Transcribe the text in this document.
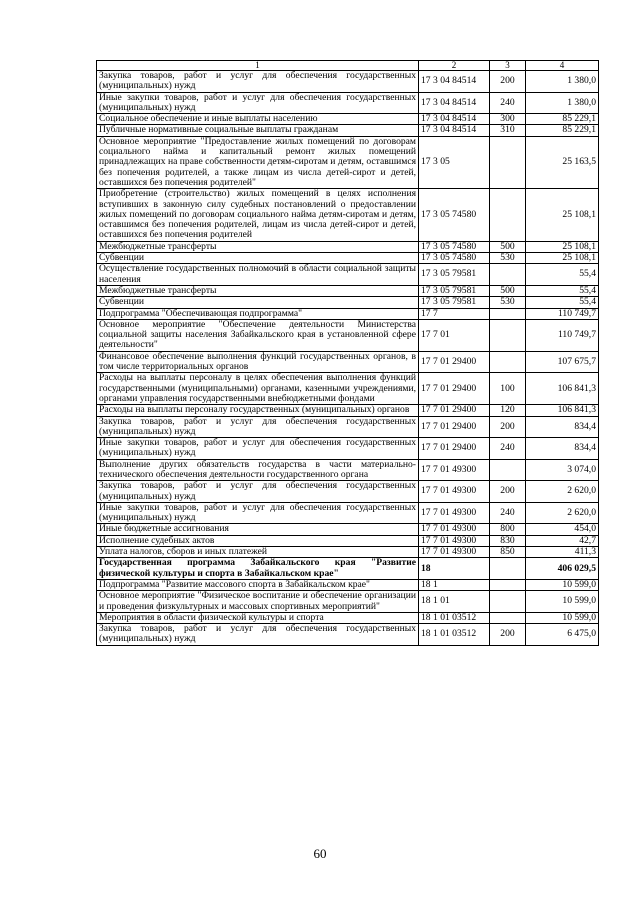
1	2	3	4
Закупка товаров, работ и услуг для обеспечения государственных (муниципальных) нужд	17 3 04 84514	200	1 380,0
Иные закупки товаров, работ и услуг для обеспечения государственных (муниципальных) нужд	17 3 04 84514	240	1 380,0
Социальное обеспечение и иные выплаты населению	17 3 04 84514	300	85 229,1
Публичные нормативные социальные выплаты гражданам	17 3 04 84514	310	85 229,1
Основное мероприятие "Предоставление жилых помещений по договорам социального найма и капитальный ремонт жилых помещений принадлежащих на праве собственности детям-сиротам и детям, оставшимся без попечения родителей, а также лицам из числа детей-сирот и детей, оставшихся без попечения родителей"	17 3 05		25 163,5
Приобретение (строительство) жилых помещений в целях исполнения вступивших в законную силу судебных постановлений о предоставлении жилых помещений по договорам социального найма детям-сиротам и детям, оставшимся без попечения родителей, лицам из числа детей-сирот и детей, оставшихся без попечения родителей	17 3 05 74580		25 108,1
Межбюджетные трансферты	17 3 05 74580	500	25 108,1
Субвенции	17 3 05 74580	530	25 108,1
Осуществление государственных полномочий в области социальной защиты населения	17 3 05 79581		55,4
Межбюджетные трансферты	17 3 05 79581	500	55,4
Субвенции	17 3 05 79581	530	55,4
Подпрограмма "Обеспечивающая подпрограмма"	17 7		110 749,7
Основное мероприятие "Обеспечение деятельности Министерства социальной защиты населения Забайкальского края в установленной сфере деятельности"	17 7 01		110 749,7
Финансовое обеспечение выполнения функций государственных органов, в том числе территориальных органов	17 7 01 29400		107 675,7
Расходы на выплаты персоналу в целях обеспечения выполнения функций государственными (муниципальными) органами, казенными учреждениями, органами управления государственными внебюджетными фондами	17 7 01 29400	100	106 841,3
Расходы на выплаты персоналу государственных (муниципальных) органов	17 7 01 29400	120	106 841,3
Закупка товаров, работ и услуг для обеспечения государственных (муниципальных) нужд	17 7 01 29400	200	834,4
Иные закупки товаров, работ и услуг для обеспечения государственных (муниципальных) нужд	17 7 01 29400	240	834,4
Выполнение других обязательств государства в части материально-технического обеспечения деятельности государственного органа	17 7 01 49300		3 074,0
Закупка товаров, работ и услуг для обеспечения государственных (муниципальных) нужд	17 7 01 49300	200	2 620,0
Иные закупки товаров, работ и услуг для обеспечения государственных (муниципальных) нужд	17 7 01 49300	240	2 620,0
Иные бюджетные ассигнования	17 7 01 49300	800	454,0
Исполнение судебных актов	17 7 01 49300	830	42,7
Уплата налогов, сборов и иных платежей	17 7 01 49300	850	411,3
Государственная программа Забайкальского края "Развитие физической культуры и спорта в Забайкальском крае"	18		406 029,5
Подпрограмма "Развитие массового спорта в Забайкальском крае"	18 1		10 599,0
Основное мероприятие "Физическое воспитание и обеспечение организации и проведения физкультурных и массовых спортивных мероприятий"	18 1 01		10 599,0
Мероприятия в области физической культуры и спорта	18 1 01 03512		10 599,0
Закупка товаров, работ и услуг для обеспечения государственных (муниципальных) нужд	18 1 01 03512	200	6 475,0
60
